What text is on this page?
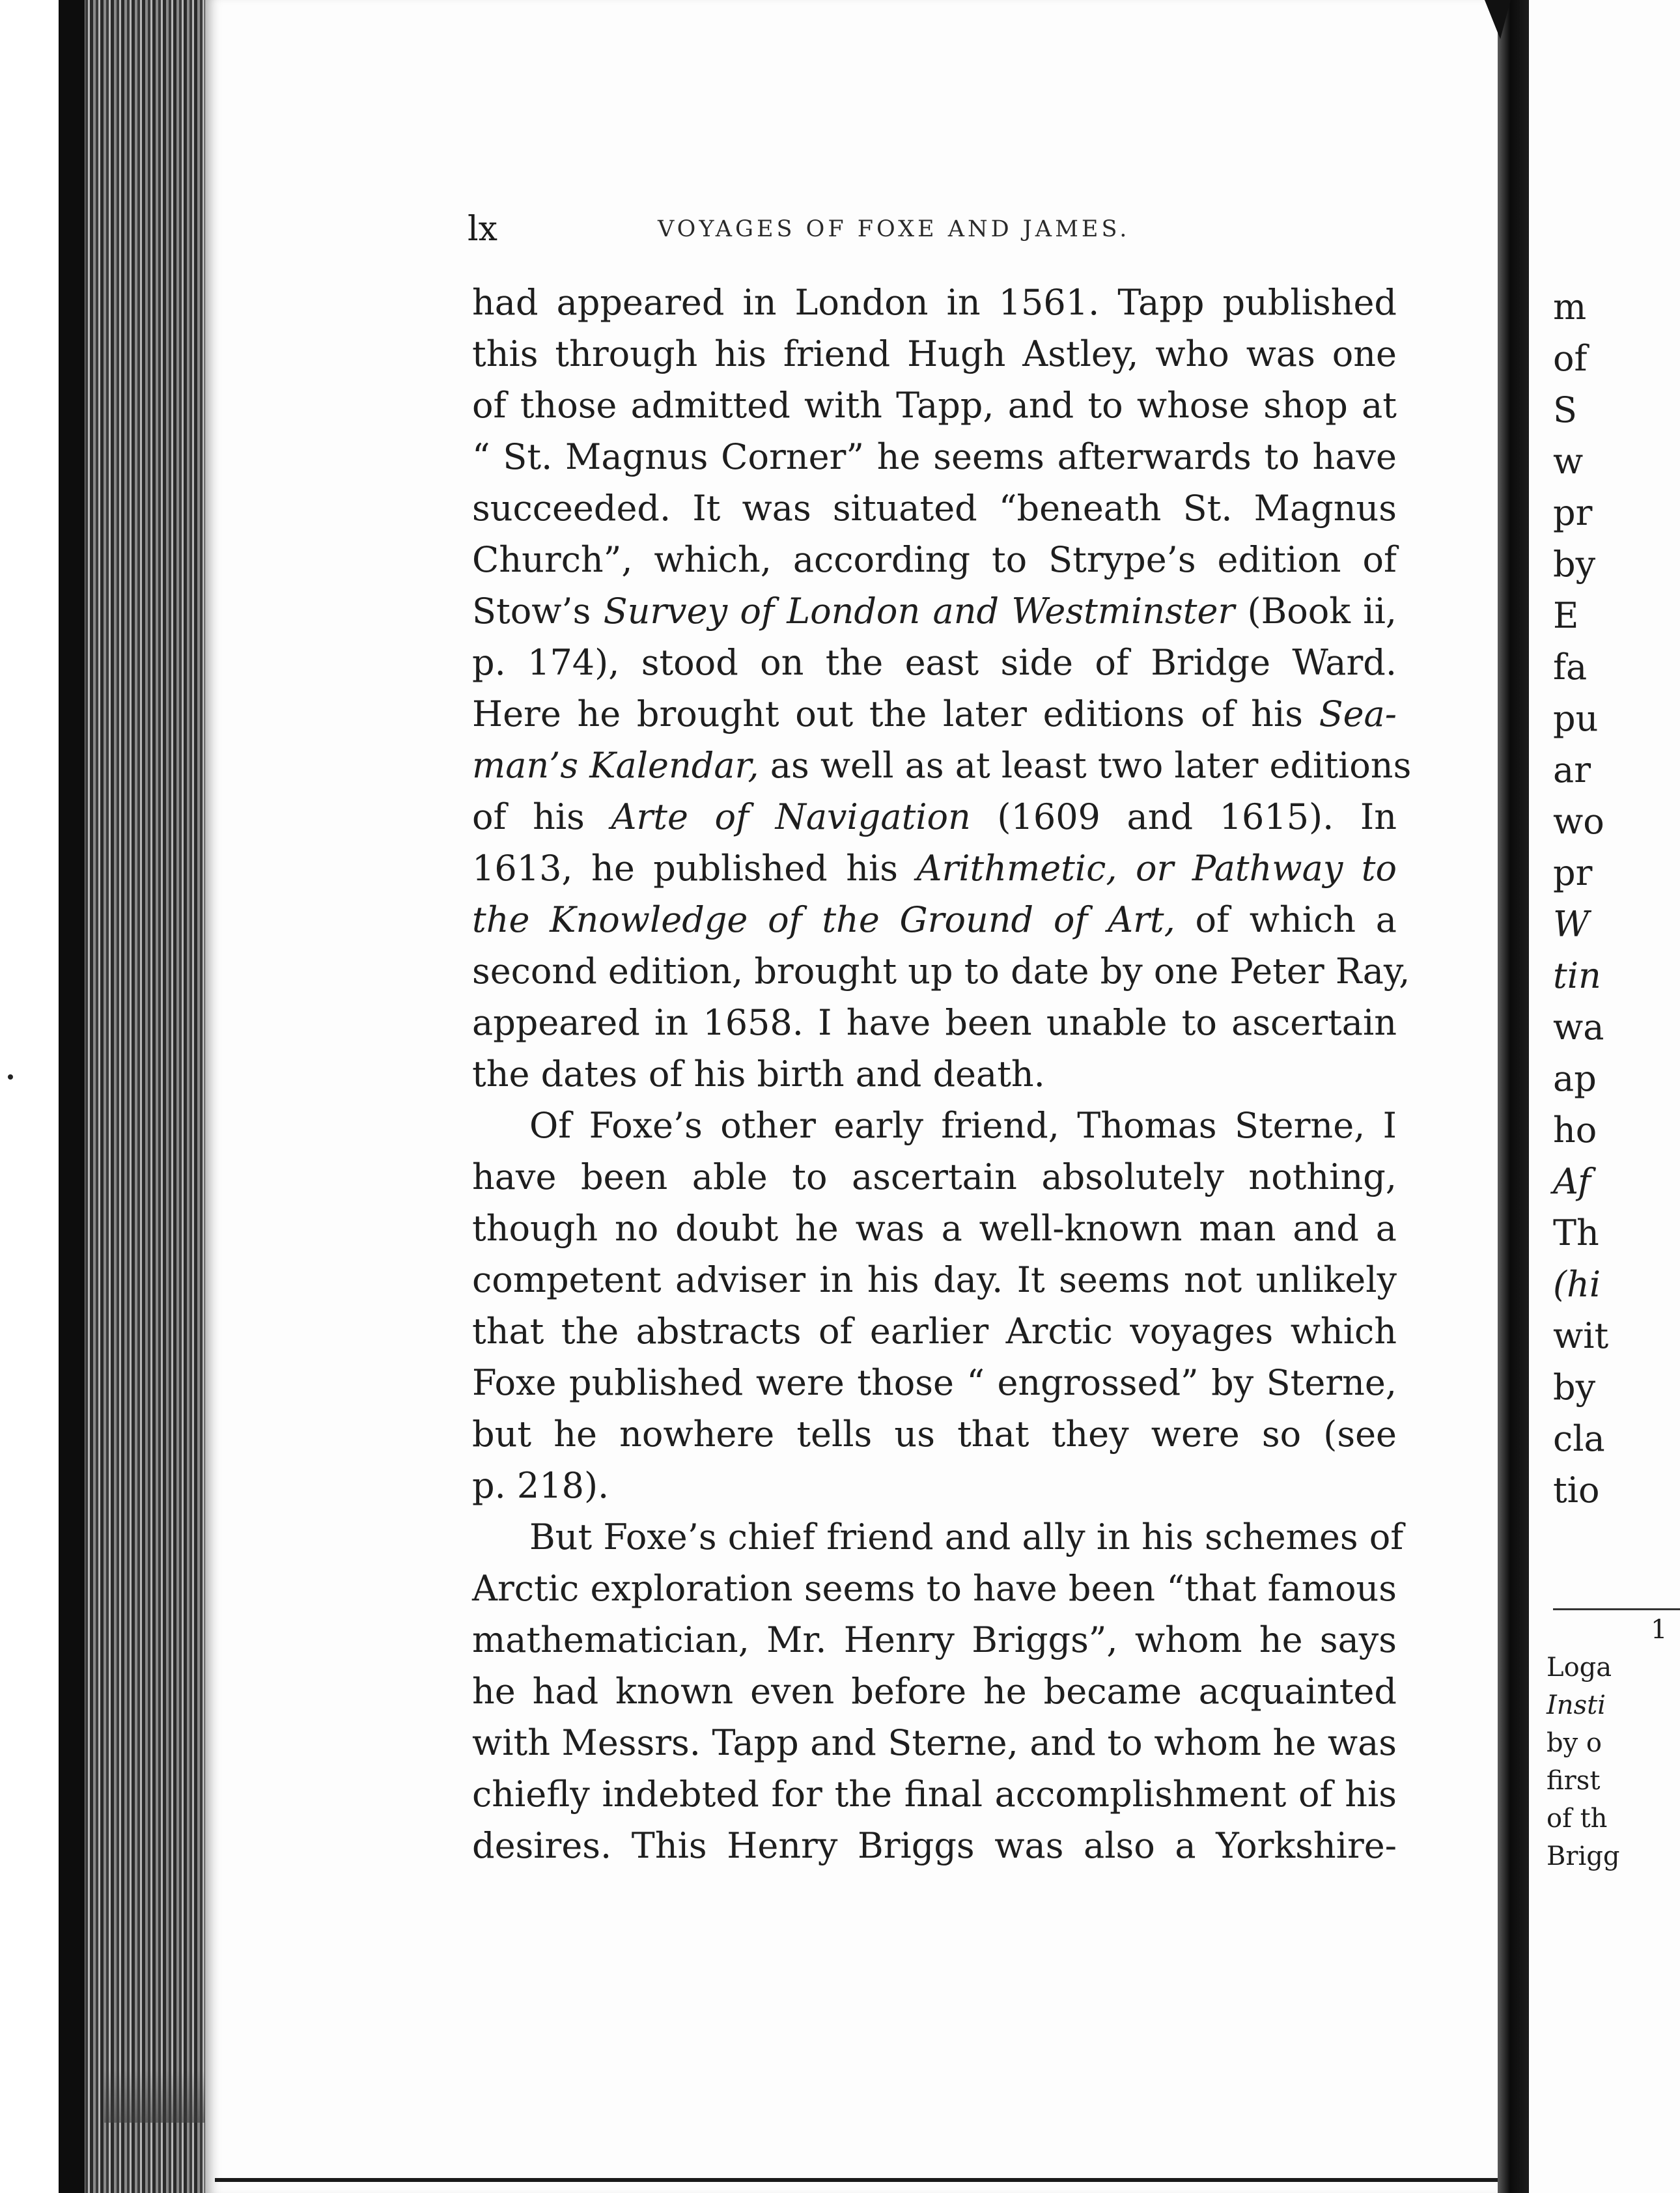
lx	VOYAGES OF FOXE AND JAMES.
had appeared in London in 1561. Tapp published
this through his friend Hugh Astley, who was one
of those admitted with Tapp, and to whose shop at
“ St. Magnus Corner” he seems afterwards to have
succeeded. It was situated “beneath St. Magnus
Church”, which, according to Strype’s edition of
Stow’s Survey of London and Westminster (Book ii,
p. 174), stood on the east side of Bridge Ward.
Here he brought out the later editions of his Sea-
man’s Kalendar, as well as at least two later editions
of his Arte of Navigation (1609 and 1615). In
1613, he published his Arithmetic, or Pathway to
the Knowledge of the Ground of Art, of which a
second edition, brought up to date by one Peter Ray,
appeared in 1658. I have been unable to ascertain
the dates of his birth and death.
Of Foxe’s other early friend, Thomas Sterne, I
have been able to ascertain absolutely nothing,
though no doubt he was a well-known man and a
competent adviser in his day. It seems not unlikely
that the abstracts of earlier Arctic voyages which
Foxe published were those “ engrossed” by Sterne,
but he nowhere tells us that they were so (see
p. 218).
But Foxe’s chief friend and ally in his schemes of
Arctic exploration seems to have been “that famous
mathematician, Mr. Henry Briggs”, whom he says
he had known even before he became acquainted
with Messrs. Tapp and Sterne, and to whom he was
chiefly indebted for the final accomplishment of his
desires. This Henry Briggs was also a Yorkshire-
m
of
S
w
pr
by
E
fa
pu
ar
wo
pr
W
tin
wa
ap
ho
Af
Th
(hi
wit
by
cla
tio
1
Loga
Insti
by o
first
of th
Brigg
